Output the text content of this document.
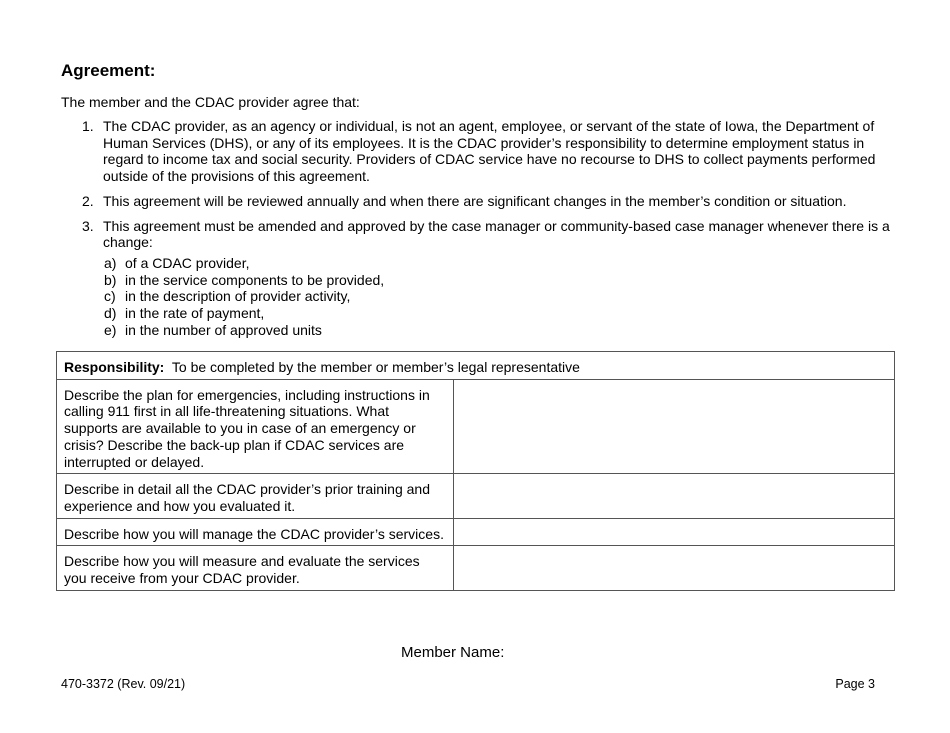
Agreement:
The member and the CDAC provider agree that:
1. The CDAC provider, as an agency or individual, is not an agent, employee, or servant of the state of Iowa, the Department of Human Services (DHS), or any of its employees. It is the CDAC provider’s responsibility to determine employment status in regard to income tax and social security. Providers of CDAC service have no recourse to DHS to collect payments performed outside of the provisions of this agreement.
2. This agreement will be reviewed annually and when there are significant changes in the member’s condition or situation.
3. This agreement must be amended and approved by the case manager or community-based case manager whenever there is a change:
a) of a CDAC provider,
b) in the service components to be provided,
c) in the description of provider activity,
d) in the rate of payment,
e) in the number of approved units
Responsibility: To be completed by the member or member’s legal representative	
Describe the plan for emergencies, including instructions in calling 911 first in all life-threatening situations. What supports are available to you in case of an emergency or crisis? Describe the back-up plan if CDAC services are interrupted or delayed.	
Describe in detail all the CDAC provider’s prior training and experience and how you evaluated it.	
Describe how you will manage the CDAC provider’s services.	
Describe how you will measure and evaluate the services you receive from your CDAC provider.	
Member Name:
470-3372 (Rev. 09/21)	Page 3
